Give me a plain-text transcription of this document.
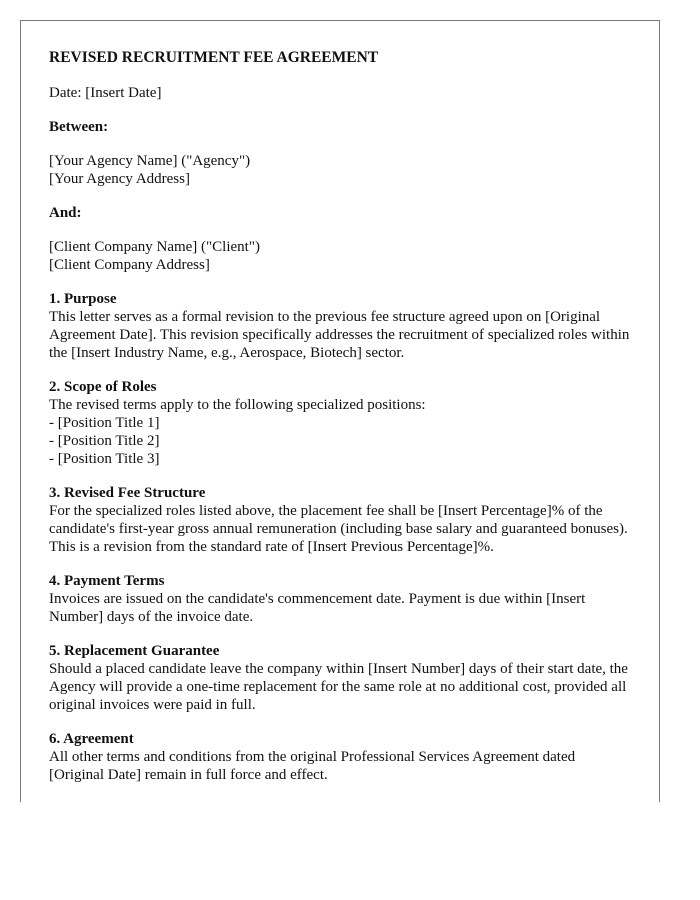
REVISED RECRUITMENT FEE AGREEMENT
Date: [Insert Date]
Between:
[Your Agency Name] ("Agency")
[Your Agency Address]
And:
[Client Company Name] ("Client")
[Client Company Address]
1. Purpose
This letter serves as a formal revision to the previous fee structure agreed upon on [Original Agreement Date]. This revision specifically addresses the recruitment of specialized roles within the [Insert Industry Name, e.g., Aerospace, Biotech] sector.
2. Scope of Roles
The revised terms apply to the following specialized positions:
- [Position Title 1]
- [Position Title 2]
- [Position Title 3]
3. Revised Fee Structure
For the specialized roles listed above, the placement fee shall be [Insert Percentage]% of the candidate's first-year gross annual remuneration (including base salary and guaranteed bonuses). This is a revision from the standard rate of [Insert Previous Percentage]%.
4. Payment Terms
Invoices are issued on the candidate's commencement date. Payment is due within [Insert Number] days of the invoice date.
5. Replacement Guarantee
Should a placed candidate leave the company within [Insert Number] days of their start date, the Agency will provide a one-time replacement for the same role at no additional cost, provided all original invoices were paid in full.
6. Agreement
All other terms and conditions from the original Professional Services Agreement dated [Original Date] remain in full force and effect.
